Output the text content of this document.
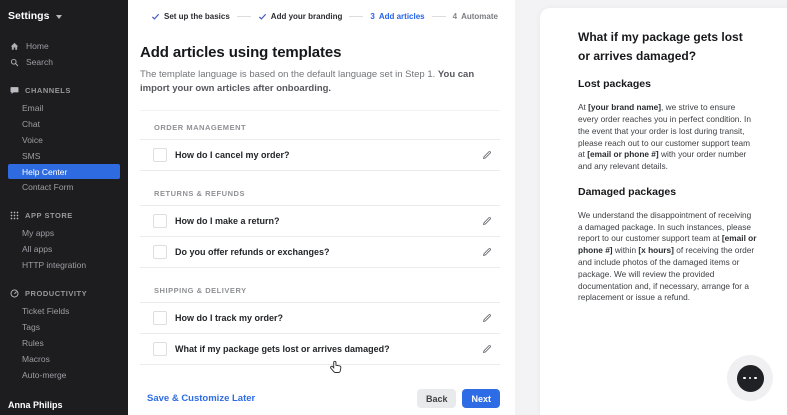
Settings
Home
Search
CHANNELS
Email
Chat
Voice
SMS
Help Center
Contact Form
APP STORE
My apps
All apps
HTTP integration
PRODUCTIVITY
Ticket Fields
Tags
Rules
Macros
Auto-merge
Anna Philips
Set up the basics	Add your branding	3 Add articles	4 Automate
Add articles using templates

The template language is based on the default language set in Step 1. You can import your own articles after onboarding.

ORDER MANAGEMENT
How do I cancel my order?
RETURNS & REFUNDS
How do I make a return?
Do you offer refunds or exchanges?
SHIPPING & DELIVERY
How do I track my order?
What if my package gets lost or arrives damaged?
Save & Customize Later	Back	Next
What if my package gets lost or arrives damaged?
Lost packages

At [your brand name], we strive to ensure every order reaches you in perfect condition. In the event that your order is lost during transit, please reach out to our customer support team at [email or phone #] with your order number and any relevant details.

Damaged packages

We understand the disappointment of receiving a damaged package. In such instances, please report to our customer support team at [email or phone #] within [x hours] of receiving the order and include photos of the damaged items or package. We will review the provided documentation and, if necessary, arrange for a replacement or issue a refund.
